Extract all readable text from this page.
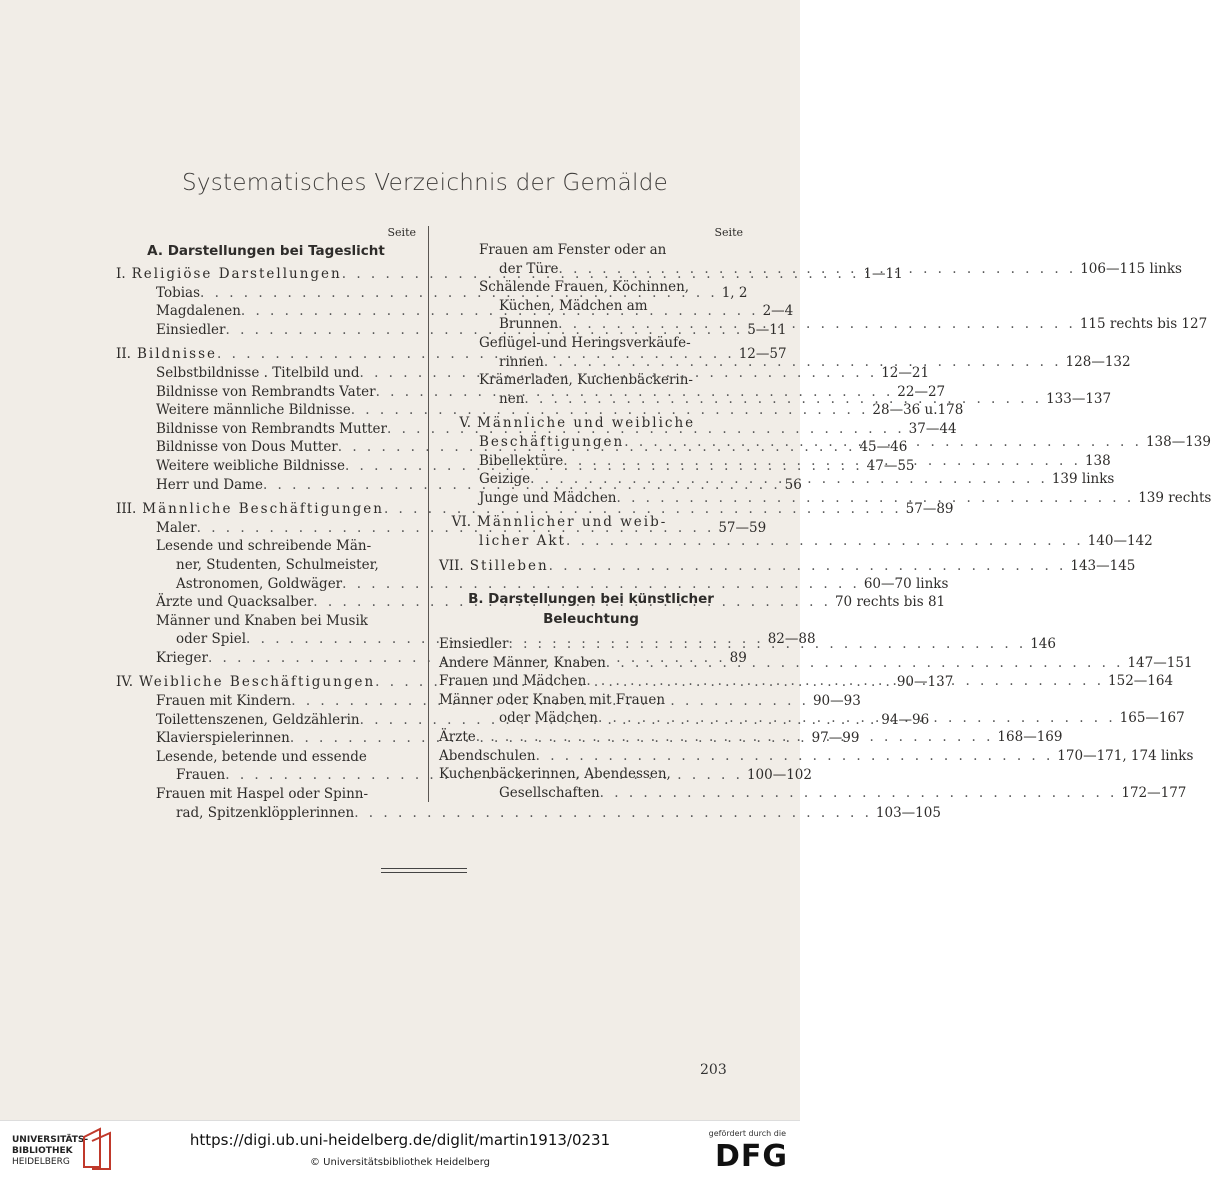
Systematisches Verzeichnis der Gemälde
Seite
A. Darstellungen bei Tageslicht
I. Religiöse Darstellungen . . .	1—11
Tobias . . .	1, 2
Magdalenen . . .	2—4
Einsiedler . . .	5—11
II. Bildnisse . . .	12—57
Selbstbildnisse . Titelbild und . . .	12—21
Bildnisse von Rembrandts Vater . . .	22—27
Weitere männliche Bildnisse . . .	28—36 u.178
Bildnisse von Rembrandts Mutter . . .	37—44
Bildnisse von Dous Mutter . . .	45—46
Weitere weibliche Bildnisse . . .	47—55
Herr und Dame . . .	56
III. Männliche Beschäftigungen . . .	57—89
Maler . . .	57—59
Lesende und schreibende Män-
ner, Studenten, Schulmeister,
Astronomen, Goldwäger . . .	60—70 links
Ärzte und Quacksalber . . .	70 rechts bis 81
Männer und Knaben bei Musik
oder Spiel . . .	82—88
Krieger . . .	89
IV. Weibliche Beschäftigungen . . .	90—137
Frauen mit Kindern . . .	90—93
Toilettenszenen, Geldzählerin . . .	94—96
Klavierspielerinnen . . .	97—99
Lesende, betende und essende
Frauen . . .	100—102
Frauen mit Haspel oder Spinn-
rad, Spitzenklöpplerinnen . . .	103—105
Seite
Frauen am Fenster oder an
der Türe . . .	106—115 links
Schälende Frauen, Köchinnen,
Küchen, Mädchen am
Brunnen . . .	115 rechts bis 127
Geflügel-und Heringsverkäufe-
rinnen . . .	128—132
Krämerladen, Kuchenbäckerin-
nen . . .	133—137
V. Männliche und weibliche
Beschäftigungen . . .	138—139
Bibellektüre . . .	138
Geizige . . .	139 links
Junge und Mädchen . . .	139 rechts
VI. Männlicher und weib-
licher Akt . . .	140—142
VII. Stilleben . . .	143—145
B. Darstellungen bei künstlicher
Beleuchtung
Einsiedler . . .	146
Andere Männer, Knaben . . .	147—151
Frauen und Mädchen . . .	152—164
Männer oder Knaben mit Frauen
oder Mädchen . . .	165—167
Ärzte . . .	168—169
Abendschulen . . .	170—171, 174 links
Kuchenbäckerinnen, Abendessen,
Gesellschaften . . .	172—177
203
UNIVERSITÄTS-
BIBLIOTHEK
HEIDELBERG
https://digi.ub.uni-heidelberg.de/diglit/martin1913/0231
© Universitätsbibliothek Heidelberg
gefördert durch die
DFG
